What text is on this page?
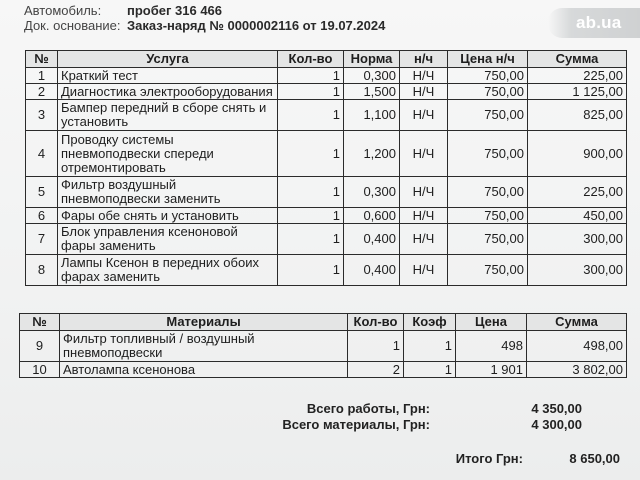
Автомобиль: пробег 316 466
Док. основание: Заказ-наряд № 0000002116 от 19.07.2024	ab.ua
№	Услуга	Кол-во	Норма	н/ч	Цена н/ч	Сумма
1	Краткий тест	1	0,300	Н/Ч	750,00	225,00
2	Диагностика электрооборудования	1	1,500	Н/Ч	750,00	1 125,00
3	Бампер передний в сборе снять и установить	1	1,100	Н/Ч	750,00	825,00
4	Проводку системы пневмоподвески спереди отремонтировать	1	1,200	Н/Ч	750,00	900,00
5	Фильтр воздушный пневмоподвески заменить	1	0,300	Н/Ч	750,00	225,00
6	Фары обе снять и установить	1	0,600	Н/Ч	750,00	450,00
7	Блок управления ксеноновой фары заменить	1	0,400	Н/Ч	750,00	300,00
8	Лампы Ксенон в передних обоих фарах заменить	1	0,400	Н/Ч	750,00	300,00
№	Материалы	Кол-во	Коэф	Цена	Сумма
9	Фильтр топливный / воздушный пневмоподвески	1	1	498	498,00
10	Автолампа ксенонова	2	1	1 901	3 802,00
Всего работы, Грн:	4 350,00
Всего материалы, Грн:	4 300,00
Итого Грн:	8 650,00
